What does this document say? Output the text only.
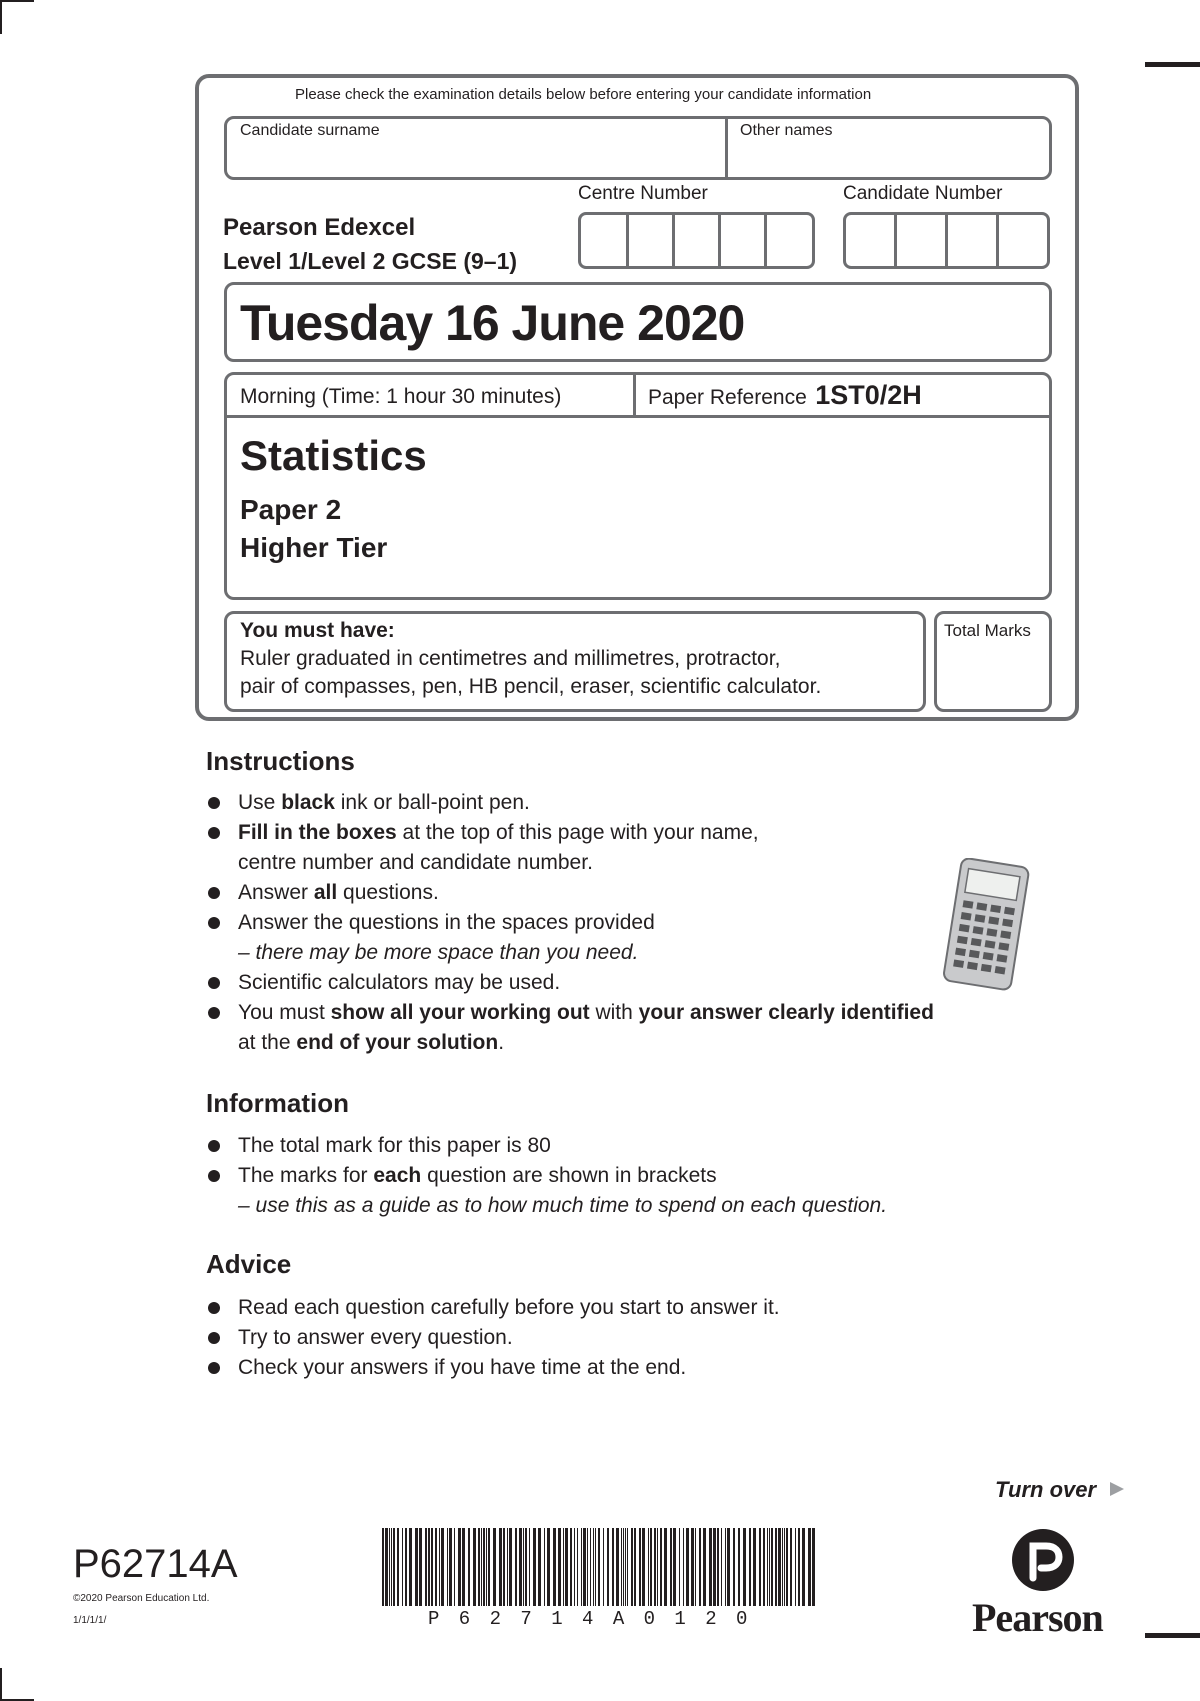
Please check the examination details below before entering your candidate information
Candidate surname	Other names
Centre Number	Candidate Number
Pearson Edexcel
Level 1/Level 2 GCSE (9–1)
Tuesday 16 June 2020
Morning (Time: 1 hour 30 minutes)	Paper Reference 1ST0/2H
Statistics
Paper 2
Higher Tier
You must have:
Ruler graduated in centimetres and millimetres, protractor,
pair of compasses, pen, HB pencil, eraser, scientific calculator.
Total Marks
Instructions
Use black ink or ball-point pen.
Fill in the boxes at the top of this page with your name,
centre number and candidate number.
Answer all questions.
Answer the questions in the spaces provided
– there may be more space than you need.
Scientific calculators may be used.
You must show all your working out with your answer clearly identified
at the end of your solution.
Information
The total mark for this paper is 80
The marks for each question are shown in brackets
– use this as a guide as to how much time to spend on each question.
Advice
Read each question carefully before you start to answer it.
Try to answer every question.
Check your answers if you have time at the end.
Turn over
P62714A
©2020 Pearson Education Ltd.
1/1/1/1/	P 6 2 7 1 4 A 0 1 2 0	Pearson
